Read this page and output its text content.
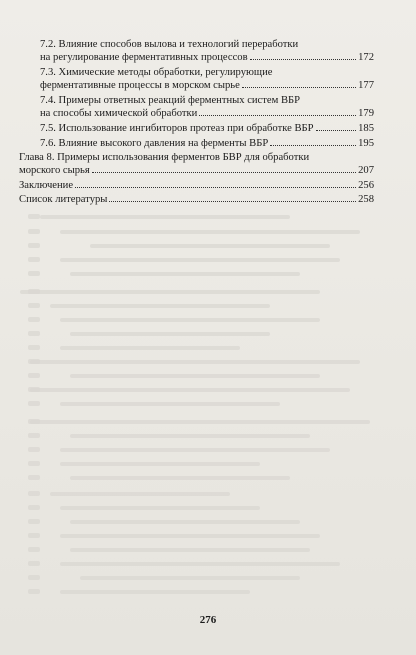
7.2. Влияние способов вылова и технологий переработки
на регулирование ферментативных процессов	172
7.3. Химические методы обработки, регулирующие
ферментативные процессы в морском сырье	177
7.4. Примеры ответных реакций ферментных систем ВБР
на способы химической обработки	179
7.5. Использование ингибиторов протеаз при обработке ВБР	185
7.6. Влияние высокого давления на ферменты ВБР	195
Глава 8. Примеры использования ферментов БВР для обработки
морского сырья	207
Заключение	256
Список литературы	258
276
